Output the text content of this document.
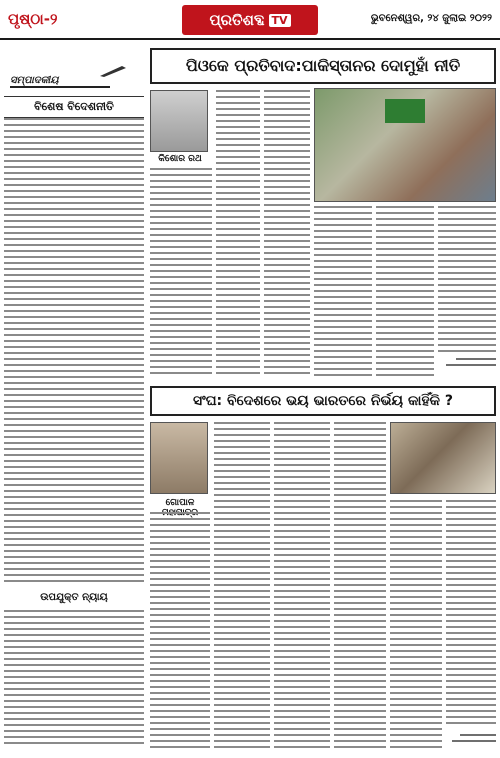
ପୃଷ୍ଠା-୨	ପ୍ରତିଶବ୍ଦ TV	ଭୁବନେଶ୍ୱର, ୨୪ ଜୁଲାଇ ୨୦୨୨
ସମ୍ପାଦକୀୟ
ବିଶେଷ ବିଦେଶନୀତି
ଉପଯୁକ୍ତ ନ୍ୟାୟ
ପିଓକେ ପ୍ରତିବାଦ:ପାକିସ୍ତାନର ଦୋମୁହାଁ ନୀତି
କିଶୋର ରଥ
ସଂଘ: ବିଦେଶରେ ଭୟ ଭାରତରେ ନିର୍ଭୟ କାହିଁକି ?
ଗୋପାଳ
